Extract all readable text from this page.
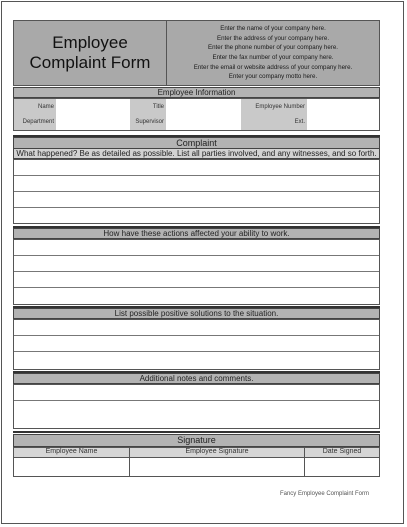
Employee
Complaint Form
Enter the name of your company here.
Enter the address of your company here.
Enter the phone number of your company here.
Enter the fax number of your company here.
Enter the email or website address of your company here.
Enter your company motto here.
Employee Information
Name	Title	Employee Number
Department	Supervisor	Ext.
Complaint
What happened? Be as detailed as possible. List all parties involved, and any witnesses, and so forth.
How have these actions affected your ability to work.
List possible positive solutions to the situation.
Additional notes and comments.
Signature
Employee Name	Employee Signature	Date Signed
Fancy Employee Complaint Form
